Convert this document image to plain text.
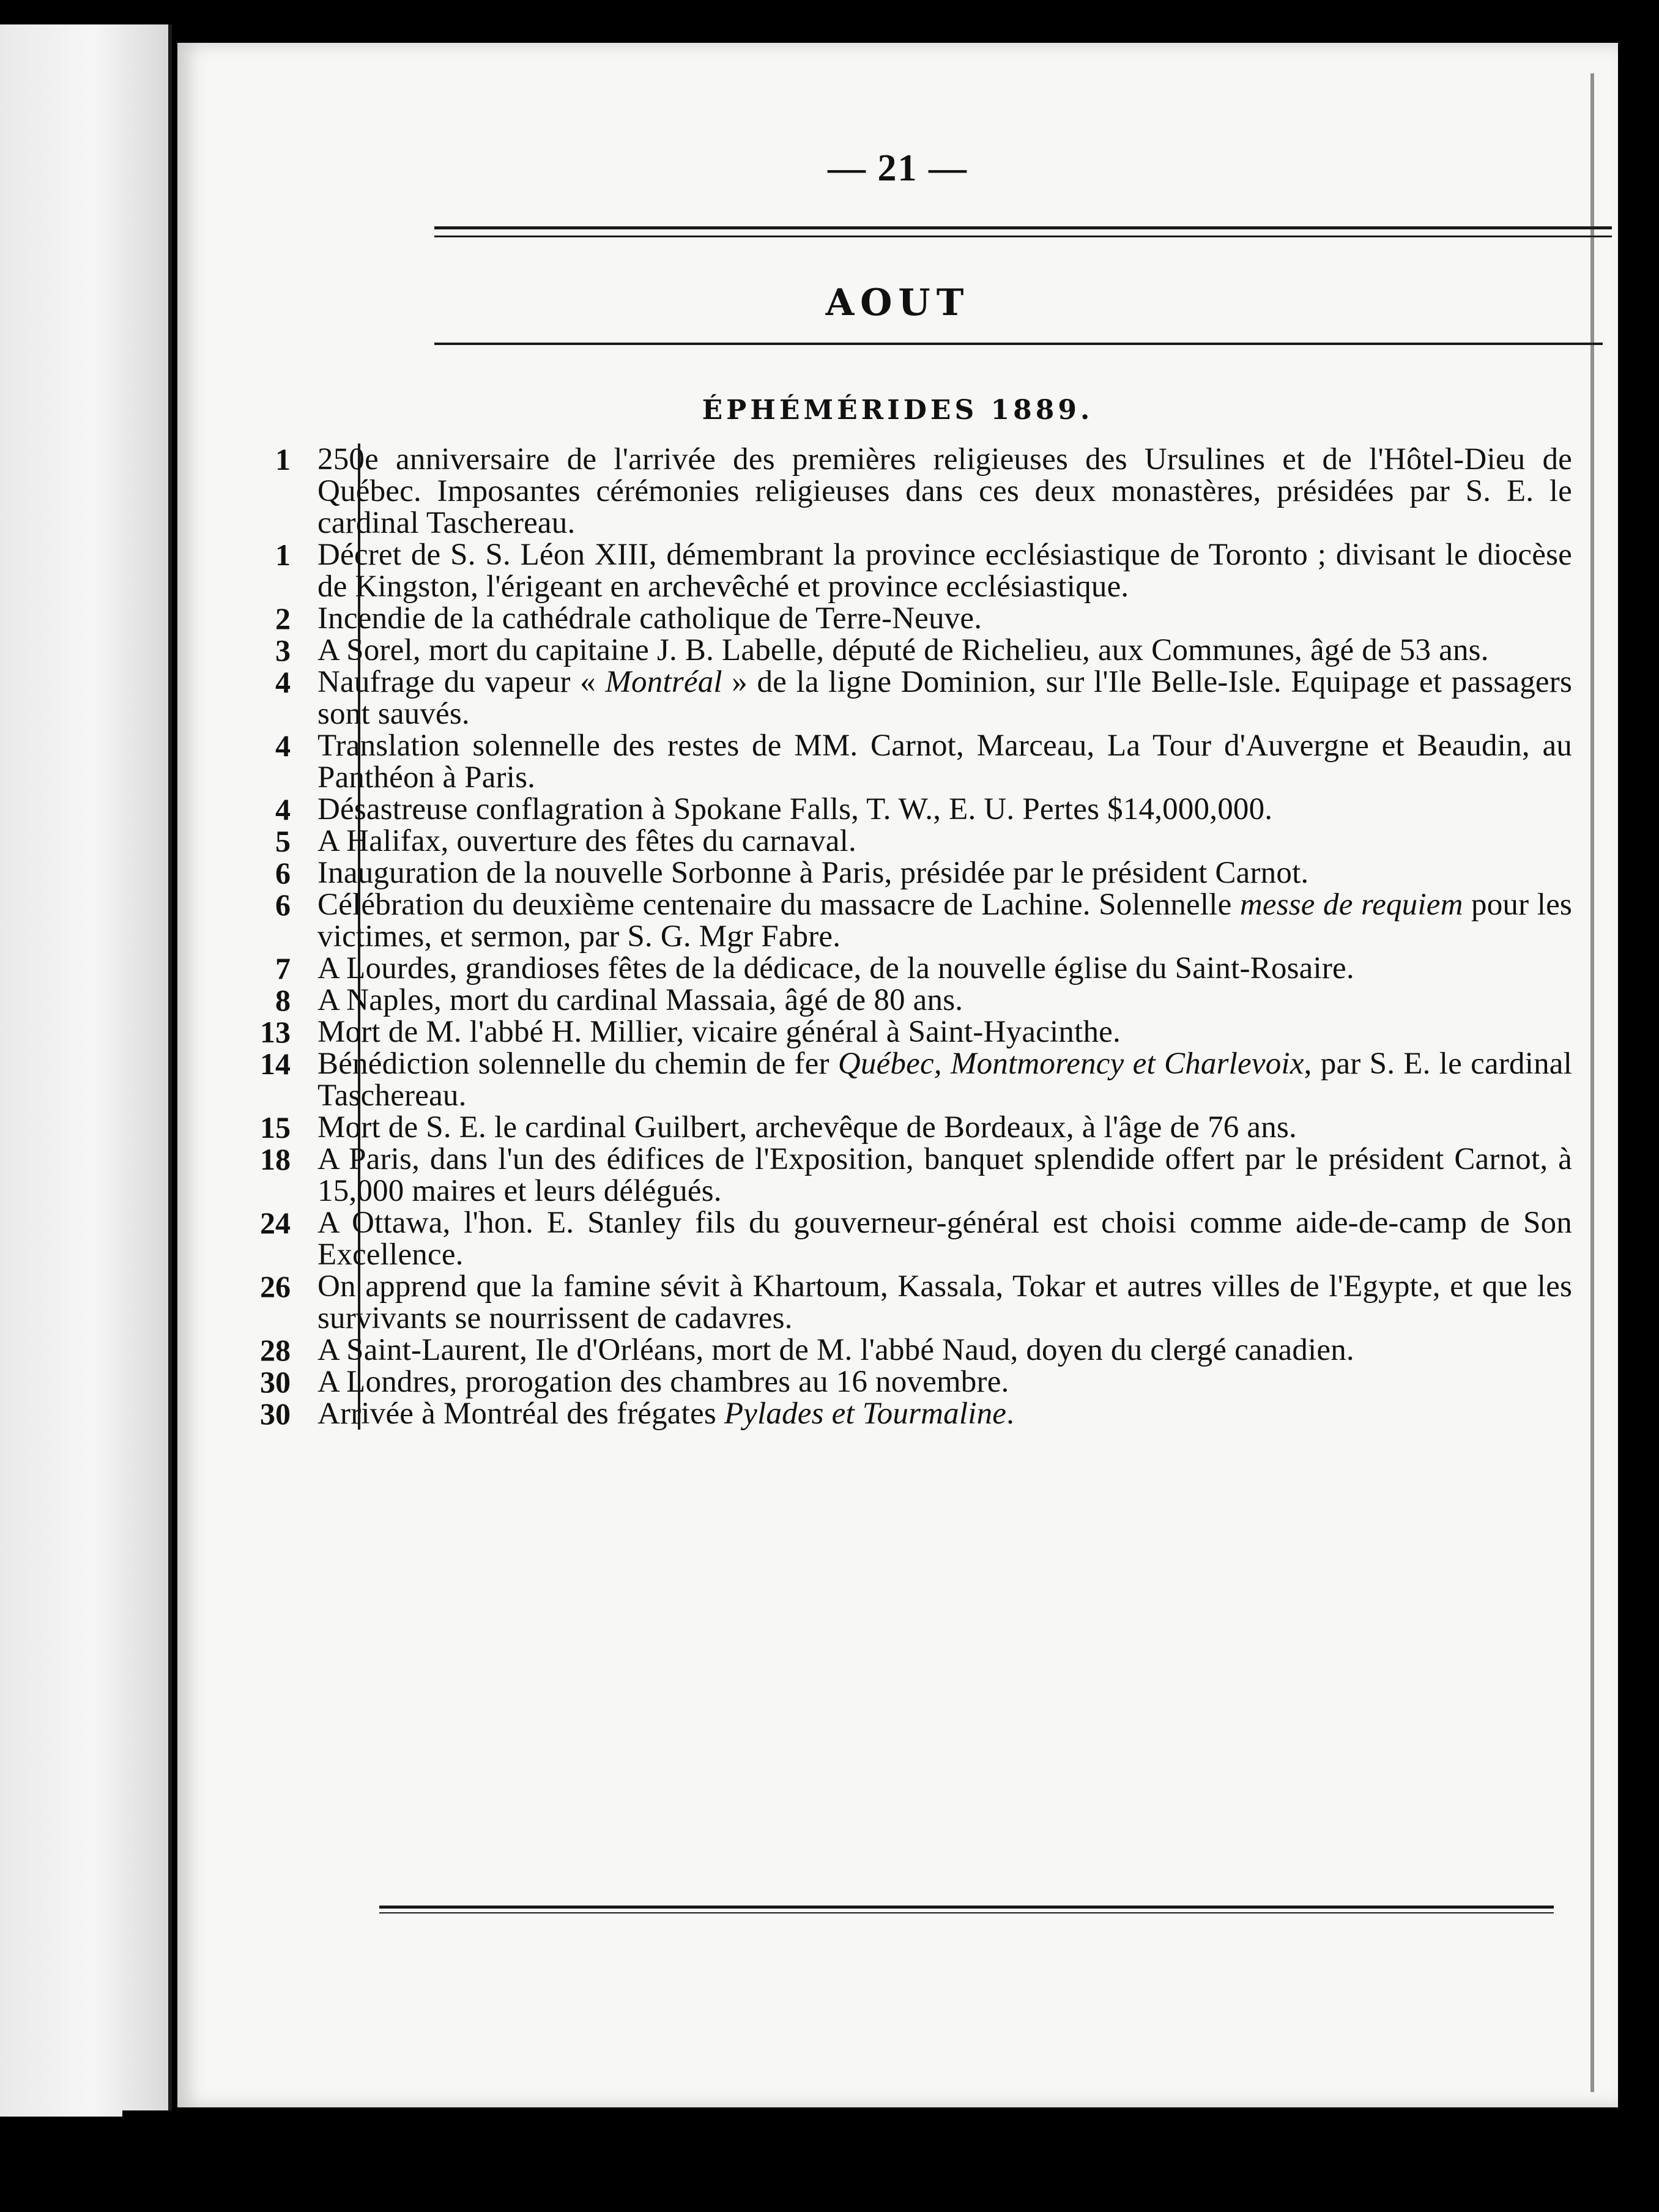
— 21 —
AOUT
ÉPHÉMÉRIDES 1889.
1 250e anniversaire de l'arrivée des premières religieuses des Ursulines et de l'Hôtel-Dieu de Québec. Imposantes cérémonies religieuses dans ces deux monastères, présidées par S. E. le cardinal Taschereau.
1 Décret de S. S. Léon XIII, démembrant la province ecclésiastique de Toronto ; divisant le diocèse de Kingston, l'érigeant en archevêché et province ecclésiastique.
2 Incendie de la cathédrale catholique de Terre-Neuve.
3 A Sorel, mort du capitaine J. B. Labelle, député de Richelieu, aux Communes, âgé de 53 ans.
4 Naufrage du vapeur « Montréal » de la ligne Dominion, sur l'Ile Belle-Isle. Equipage et passagers sont sauvés.
4 Translation solennelle des restes de MM. Carnot, Marceau, La Tour d'Auvergne et Beaudin, au Panthéon à Paris.
4 Désastreuse conflagration à Spokane Falls, T. W., E. U. Pertes $14,000,000.
5 A Halifax, ouverture des fêtes du carnaval.
6 Inauguration de la nouvelle Sorbonne à Paris, présidée par le président Carnot.
6 Célébration du deuxième centenaire du massacre de Lachine. Solennelle messe de requiem pour les victimes, et sermon, par S. G. Mgr Fabre.
7 A Lourdes, grandioses fêtes de la dédicace, de la nouvelle église du Saint-Rosaire.
8 A Naples, mort du cardinal Massaia, âgé de 80 ans.
13 Mort de M. l'abbé H. Millier, vicaire général à Saint-Hyacinthe.
14 Bénédiction solennelle du chemin de fer Québec, Montmorency et Charlevoix, par S. E. le cardinal Taschereau.
15 Mort de S. E. le cardinal Guilbert, archevêque de Bordeaux, à l'âge de 76 ans.
18 A Paris, dans l'un des édifices de l'Exposition, banquet splendide offert par le président Carnot, à 15,000 maires et leurs délégués.
24 A Ottawa, l'hon. E. Stanley fils du gouverneur-général est choisi comme aide-de-camp de Son Excellence.
26 On apprend que la famine sévit à Khartoum, Kassala, Tokar et autres villes de l'Egypte, et que les survivants se nourrissent de cadavres.
28 A Saint-Laurent, Ile d'Orléans, mort de M. l'abbé Naud, doyen du clergé canadien.
30 A Londres, prorogation des chambres au 16 novembre.
30 Arrivée à Montréal des frégates Pylades et Tourmaline.
